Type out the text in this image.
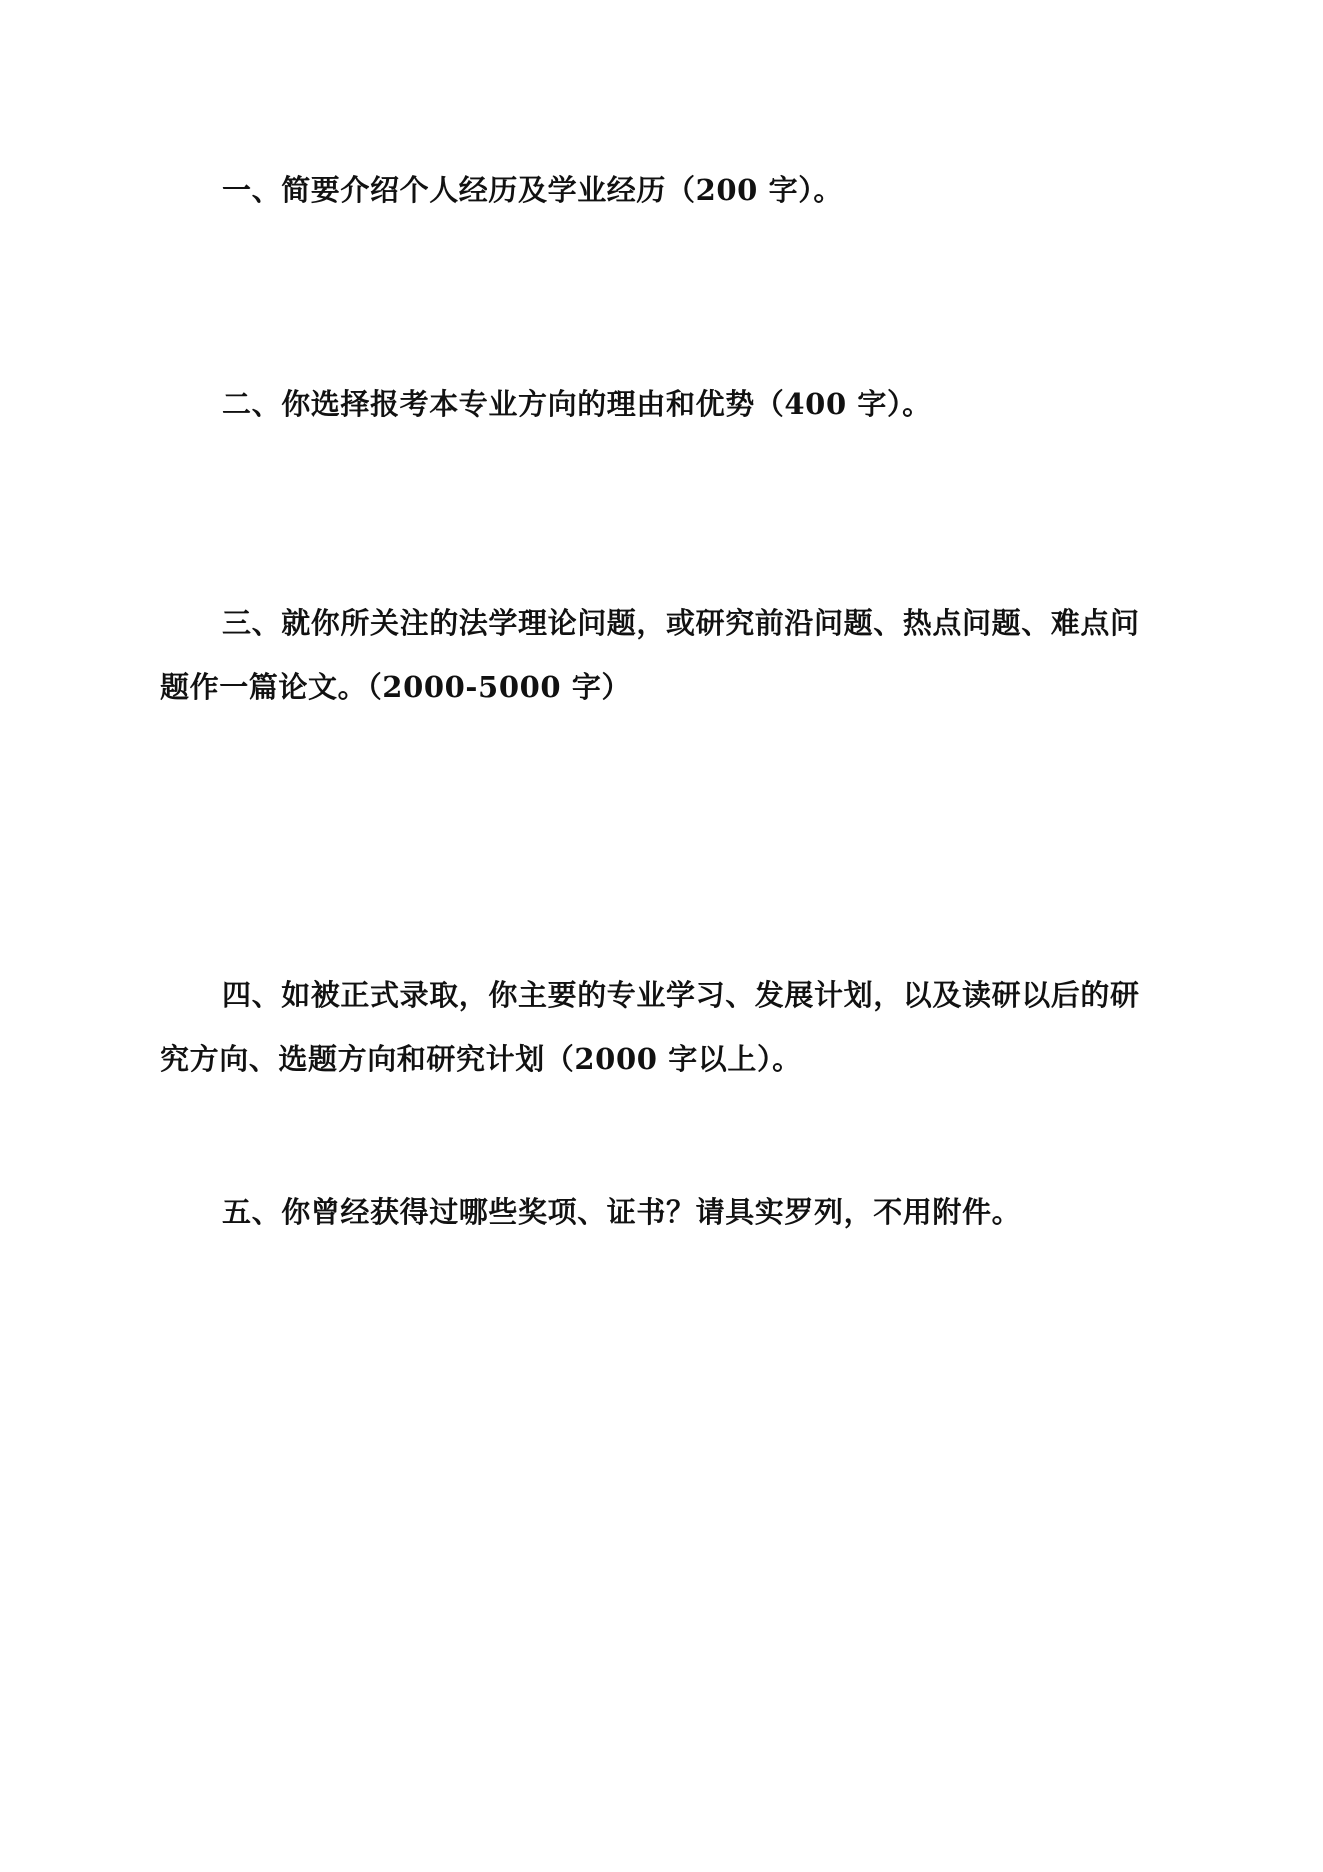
一、简要介绍个人经历及学业经历（200 字）。
二、你选择报考本专业方向的理由和优势（400 字）。
三、就你所关注的法学理论问题，或研究前沿问题、热点问题、难点问
题作一篇论文。（2000-5000 字）
四、如被正式录取，你主要的专业学习、发展计划，以及读研以后的研
究方向、选题方向和研究计划（2000 字以上）。
五、你曾经获得过哪些奖项、证书？请具实罗列，不用附件。
